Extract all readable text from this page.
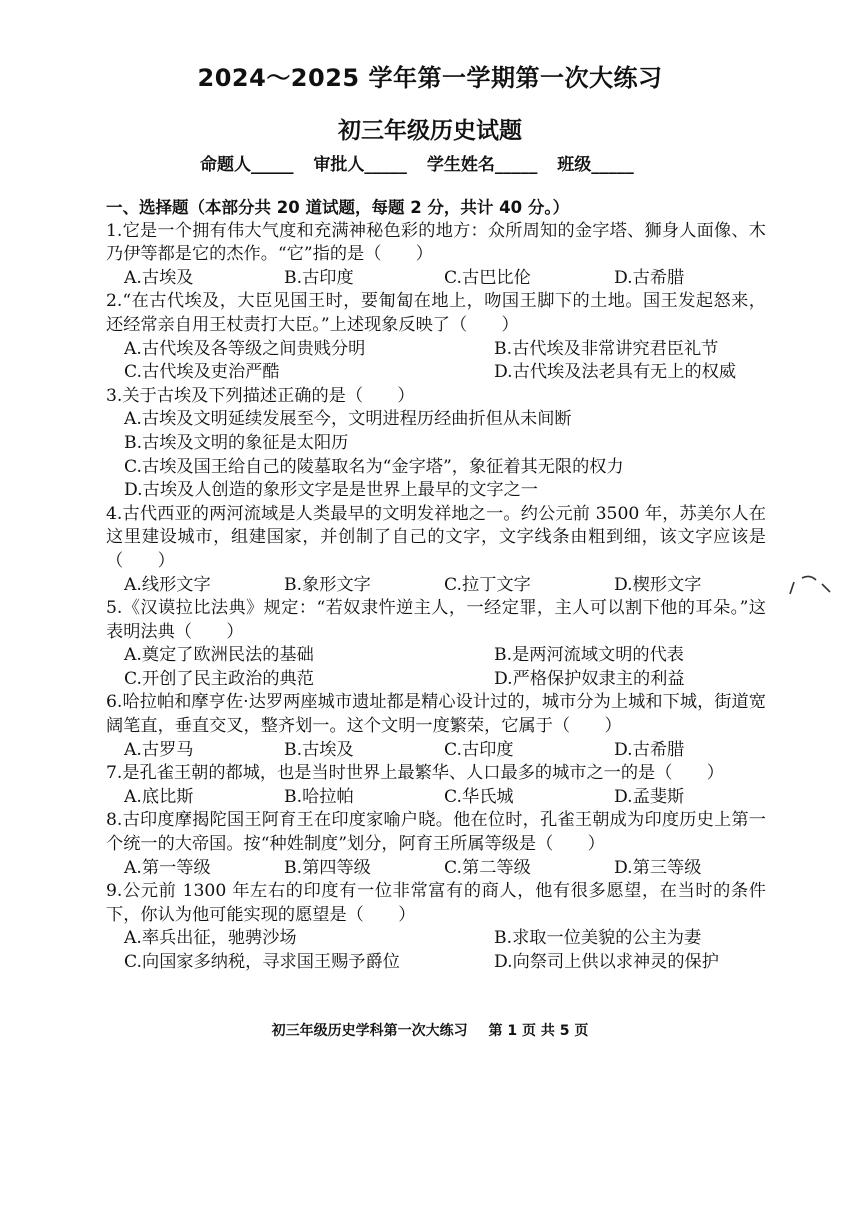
2024～2025 学年第一学期第一次大练习
初三年级历史试题
命题人_____ 审批人_____ 学生姓名_____ 班级_____
一、选择题（本部分共 20 道试题，每题 2 分，共计 40 分。）
1.它是一个拥有伟大气度和充满神秘色彩的地方：众所周知的金字塔、狮身人面像、木乃伊等都是它的杰作。“它”指的是（　　）
A.古埃及	B.古印度	C.古巴比伦	D.古希腊
2.“在古代埃及，大臣见国王时，要匍匐在地上，吻国王脚下的土地。国王发起怒来，还经常亲自用王杖责打大臣。”上述现象反映了（　　）
A.古代埃及各等级之间贵贱分明	B.古代埃及非常讲究君臣礼节
C.古代埃及吏治严酷	D.古代埃及法老具有无上的权威
3.关于古埃及下列描述正确的是（　　）
A.古埃及文明延续发展至今，文明进程历经曲折但从未间断
B.古埃及文明的象征是太阳历
C.古埃及国王给自己的陵墓取名为“金字塔”，象征着其无限的权力
D.古埃及人创造的象形文字是是世界上最早的文字之一
4.古代西亚的两河流域是人类最早的文明发祥地之一。约公元前 3500 年，苏美尔人在这里建设城市，组建国家，并创制了自己的文字，文字线条由粗到细，该文字应该是（　　）
A.线形文字	B.象形文字	C.拉丁文字	D.楔形文字
5.《汉谟拉比法典》规定：“若奴隶忤逆主人，一经定罪，主人可以割下他的耳朵。”这表明法典（　　）
A.奠定了欧洲民法的基础	B.是两河流域文明的代表
C.开创了民主政治的典范	D.严格保护奴隶主的利益
6.哈拉帕和摩亨佐·达罗两座城市遗址都是精心设计过的，城市分为上城和下城，街道宽阔笔直，垂直交叉，整齐划一。这个文明一度繁荣，它属于（　　）
A.古罗马	B.古埃及	C.古印度	D.古希腊
7.是孔雀王朝的都城，也是当时世界上最繁华、人口最多的城市之一的是（　　）
A.底比斯	B.哈拉帕	C.华氏城	D.孟斐斯
8.古印度摩揭陀国王阿育王在印度家喻户晓。他在位时，孔雀王朝成为印度历史上第一个统一的大帝国。按“种姓制度”划分，阿育王所属等级是（　　）
A.第一等级	B.第四等级	C.第二等级	D.第三等级
9.公元前 1300 年左右的印度有一位非常富有的商人，他有很多愿望，在当时的条件下，你认为他可能实现的愿望是（　　）
A.率兵出征，驰骋沙场	B.求取一位美貌的公主为妻
C.向国家多纳税，寻求国王赐予爵位	D.向祭司上供以求神灵的保护
初三年级历史学科第一次大练习 第 1 页 共 5 页
